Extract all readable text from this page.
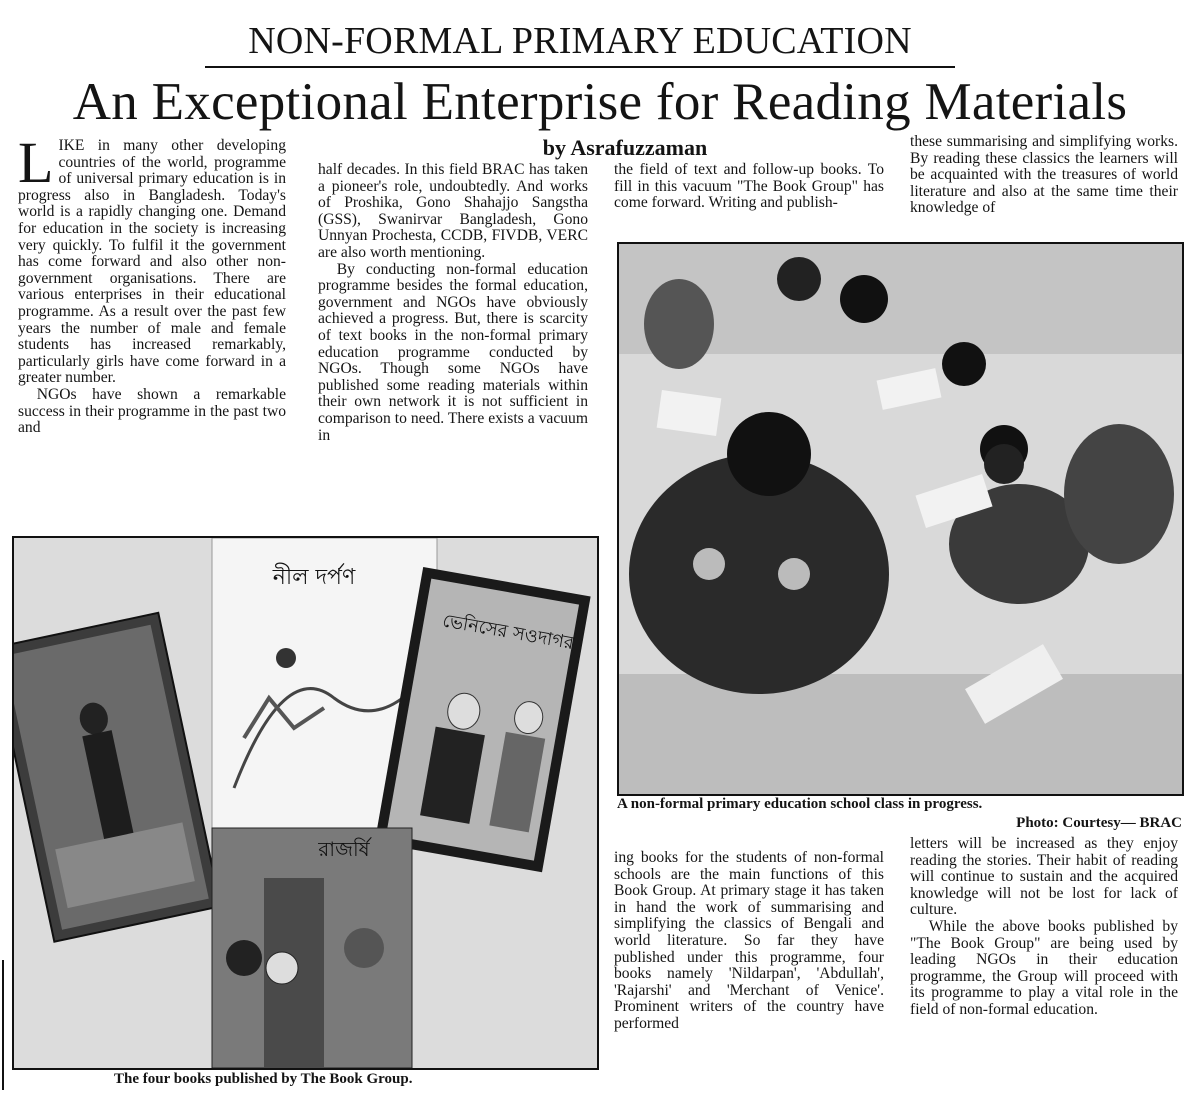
NON-FORMAL PRIMARY EDUCATION
An Exceptional Enterprise for Reading Materials
by Asrafuzzaman

LIKE in many other developing countries of the world, programme of universal primary education is in progress also in Bangladesh. Today's world is a rapidly changing one. Demand for education in the society is increasing very quickly. To fulfil it the government has come forward and also other non-government organisations. There are various enterprises in their educational programme. As a result over the past few years the number of male and female students has increased remarkably, particularly girls have come forward in a greater number.

NGOs have shown a remarkable success in their programme in the past two and

half decades. In this field BRAC has taken a pioneer's role, undoubtedly. And works of Proshika, Gono Shahajjo Sangstha (GSS), Swanirvar Bangladesh, Gono Unnyan Prochesta, CCDB, FIVDB, VERC are also worth mentioning.

By conducting non-formal education programme besides the formal education, government and NGOs have obviously achieved a progress. But, there is scarcity of text books in the non-formal primary education programme conducted by NGOs. Though some NGOs have published some reading materials within their own network it is not sufficient in comparison to need. There exists a vacuum in

the field of text and follow-up books. To fill in this vacuum "The Book Group" has come forward. Writing and publish-

these summarising and simplifying works. By reading these classics the learners will be acquainted with the treasures of world literature and also at the same time their knowledge of

A non-formal primary education school class in progress.
Photo: Courtesy— BRAC
নীল দর্পণ
ভেনিসের সওদাগর
রাজর্ষি
The four books published by The Book Group.

ing books for the students of non-formal schools are the main functions of this Book Group. At primary stage it has taken in hand the work of summarising and simplifying the classics of Bengali and world literature. So far they have published under this programme, four books namely 'Nildarpan', 'Abdullah', 'Rajarshi' and 'Merchant of Venice'. Prominent writers of the country have performed

letters will be increased as they enjoy reading the stories. Their habit of reading will continue to sustain and the acquired knowledge will not be lost for lack of culture.

While the above books published by "The Book Group" are being used by leading NGOs in their education programme, the Group will proceed with its programme to play a vital role in the field of non-formal education.
